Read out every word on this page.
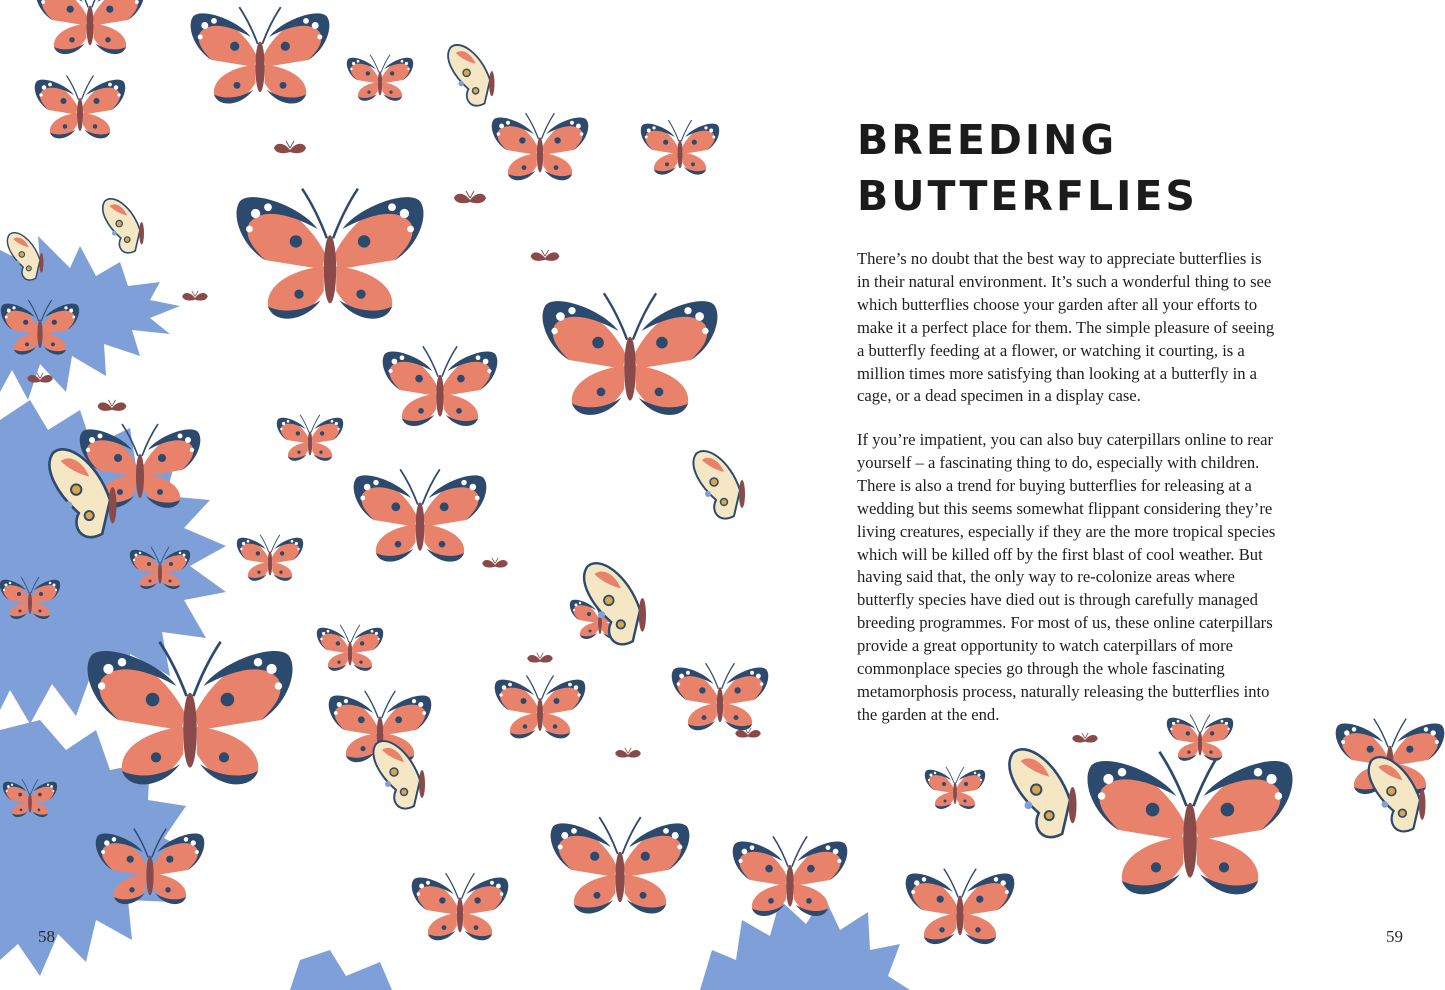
58	59
BREEDING
BUTTERFLIES
There’s no doubt that the best way to appreciate butterflies is
in their natural environment. It’s such a wonderful thing to see
which butterflies choose your garden after all your efforts to
make it a perfect place for them. The simple pleasure of seeing
a butterfly feeding at a flower, or watching it courting, is a
million times more satisfying than looking at a butterfly in a
cage, or a dead specimen in a display case.
If you’re impatient, you can also buy caterpillars online to rear
yourself – a fascinating thing to do, especially with children.
There is also a trend for buying butterflies for releasing at a
wedding but this seems somewhat flippant considering they’re
living creatures, especially if they are the more tropical species
which will be killed off by the first blast of cool weather. But
having said that, the only way to re-colonize areas where
butterfly species have died out is through carefully managed
breeding programmes. For most of us, these online caterpillars
provide a great opportunity to watch caterpillars of more
commonplace species go through the whole fascinating
metamorphosis process, naturally releasing the butterflies into
the garden at the end.
